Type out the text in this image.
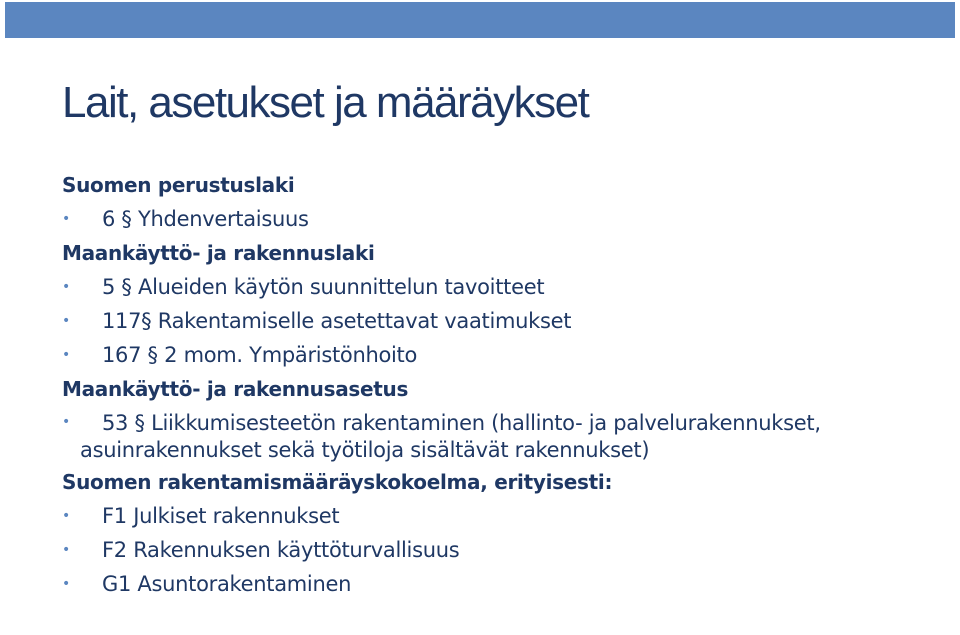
Lait, asetukset ja määräykset
Suomen perustuslaki
• 6 § Yhdenvertaisuus
Maankäyttö- ja rakennuslaki
• 5 § Alueiden käytön suunnittelun tavoitteet
• 117§ Rakentamiselle asetettavat vaatimukset
• 167 § 2 mom. Ympäristönhoito
Maankäyttö- ja rakennusasetus
• 53 § Liikkumisesteetön rakentaminen (hallinto- ja palvelurakennukset, asuinrakennukset sekä työtiloja sisältävät rakennukset)
Suomen rakentamismääräyskokoelma, erityisesti:
• F1 Julkiset rakennukset
• F2 Rakennuksen käyttöturvallisuus
• G1 Asuntorakentaminen
